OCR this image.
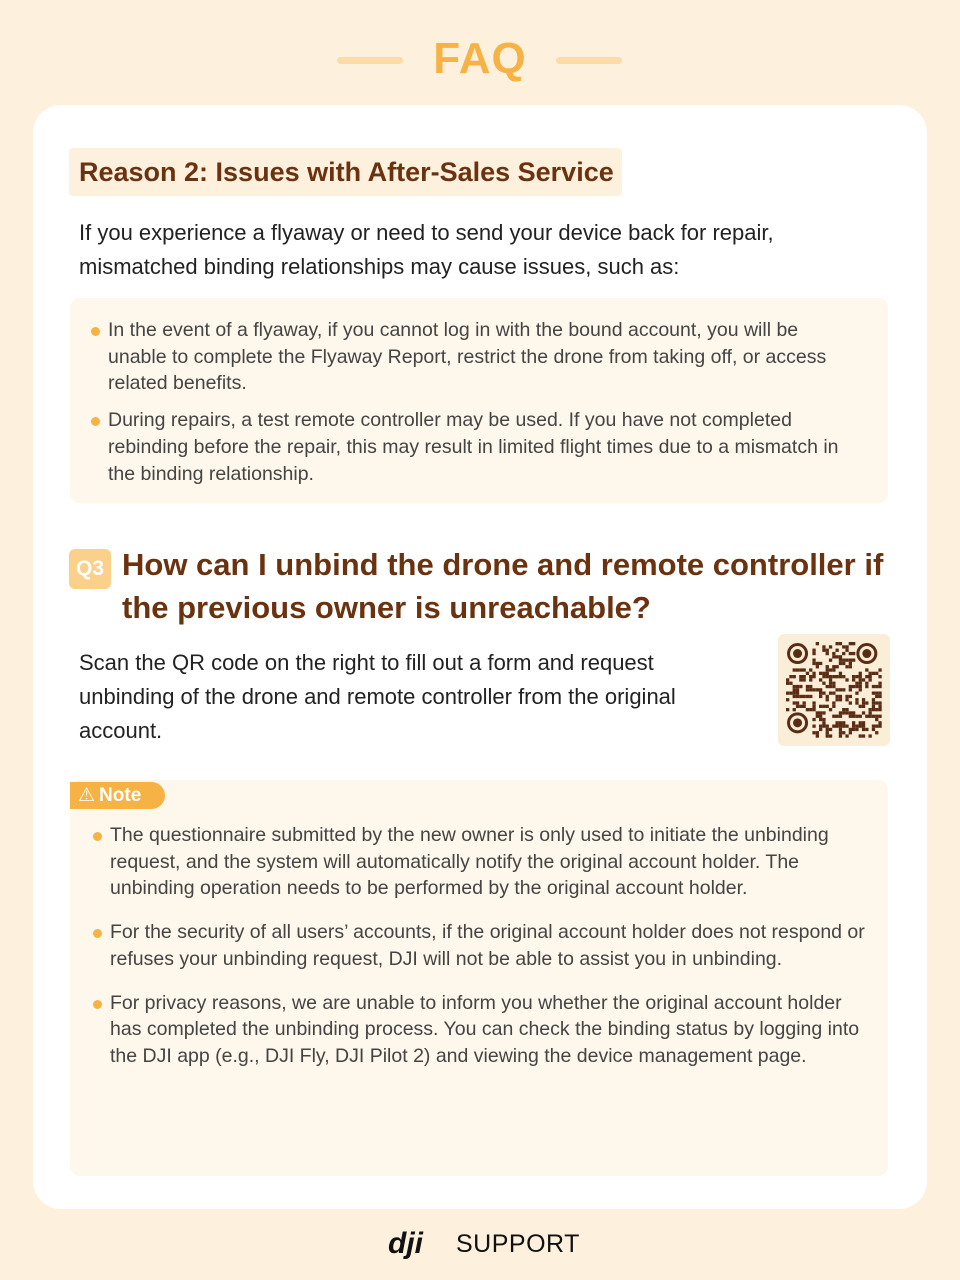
FAQ
Reason 2: Issues with After-Sales Service
If you experience a flyaway or need to send your device back for repair, mismatched binding relationships may cause issues, such as:
In the event of a flyaway, if you cannot log in with the bound account, you will be unable to complete the Flyaway Report, restrict the drone from taking off, or access related benefits.
During repairs, a test remote controller may be used. If you have not completed rebinding before the repair, this may result in limited flight times due to a mismatch in the binding relationship.
Q3 How can I unbind the drone and remote controller if the previous owner is unreachable?
Scan the QR code on the right to fill out a form and request unbinding of the drone and remote controller from the original account.
⚠ Note
The questionnaire submitted by the new owner is only used to initiate the unbinding request, and the system will automatically notify the original account holder. The unbinding operation needs to be performed by the original account holder.
For the security of all users’ accounts, if the original account holder does not respond or refuses your unbinding request, DJI will not be able to assist you in unbinding.
For privacy reasons, we are unable to inform you whether the original account holder has completed the unbinding process. You can check the binding status by logging into the DJI app (e.g., DJI Fly, DJI Pilot 2) and viewing the device management page.
dji SUPPORT
